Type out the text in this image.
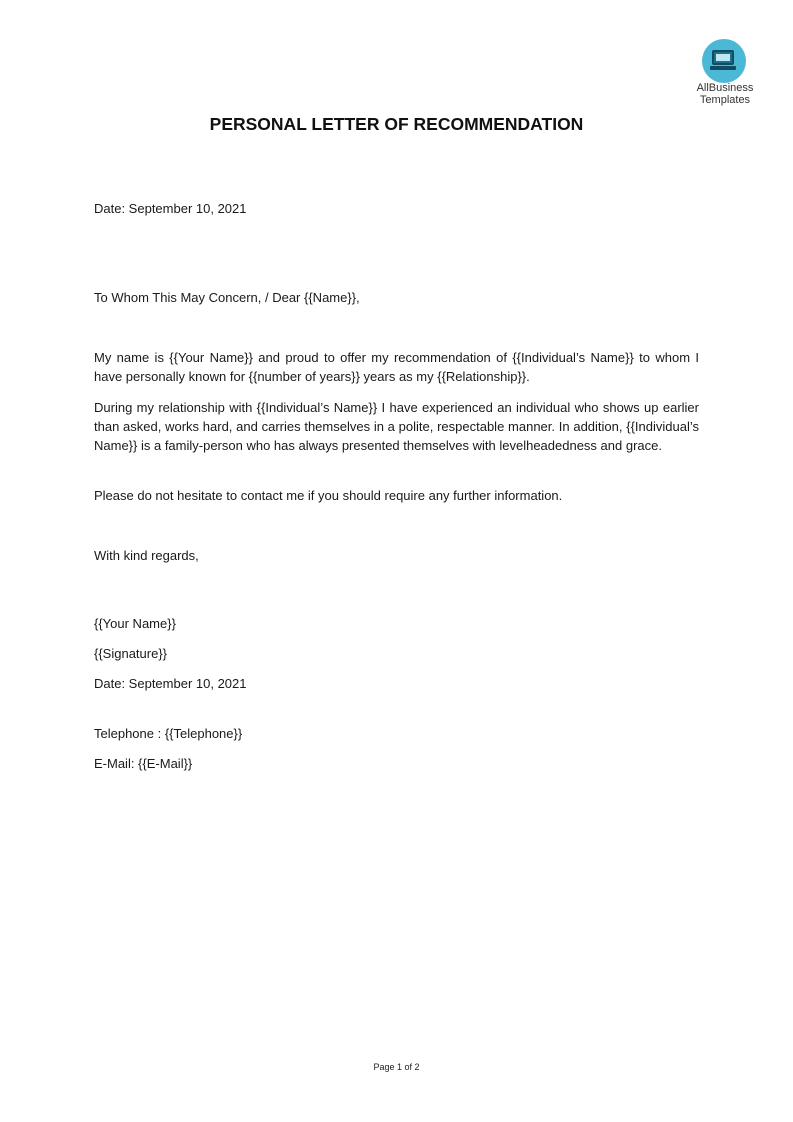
AllBusiness
Templates
PERSONAL LETTER OF RECOMMENDATION
Date: September 10, 2021
To Whom This May Concern, / Dear {{Name}},
My name is {{Your Name}} and proud to offer my recommendation of {{Individual’s Name}} to whom I have personally known for {{number of years}} years as my {{Relationship}}.
During my relationship with {{Individual’s Name}} I have experienced an individual who shows up earlier than asked, works hard, and carries themselves in a polite, respectable manner. In addition, {{Individual’s Name}} is a family-person who has always presented themselves with levelheadedness and grace.
Please do not hesitate to contact me if you should require any further information.
With kind regards,
{{Your Name}}
{{Signature}}
Date: September 10, 2021
Telephone : {{Telephone}}
E-Mail: {{E-Mail}}
Page 1 of 2
